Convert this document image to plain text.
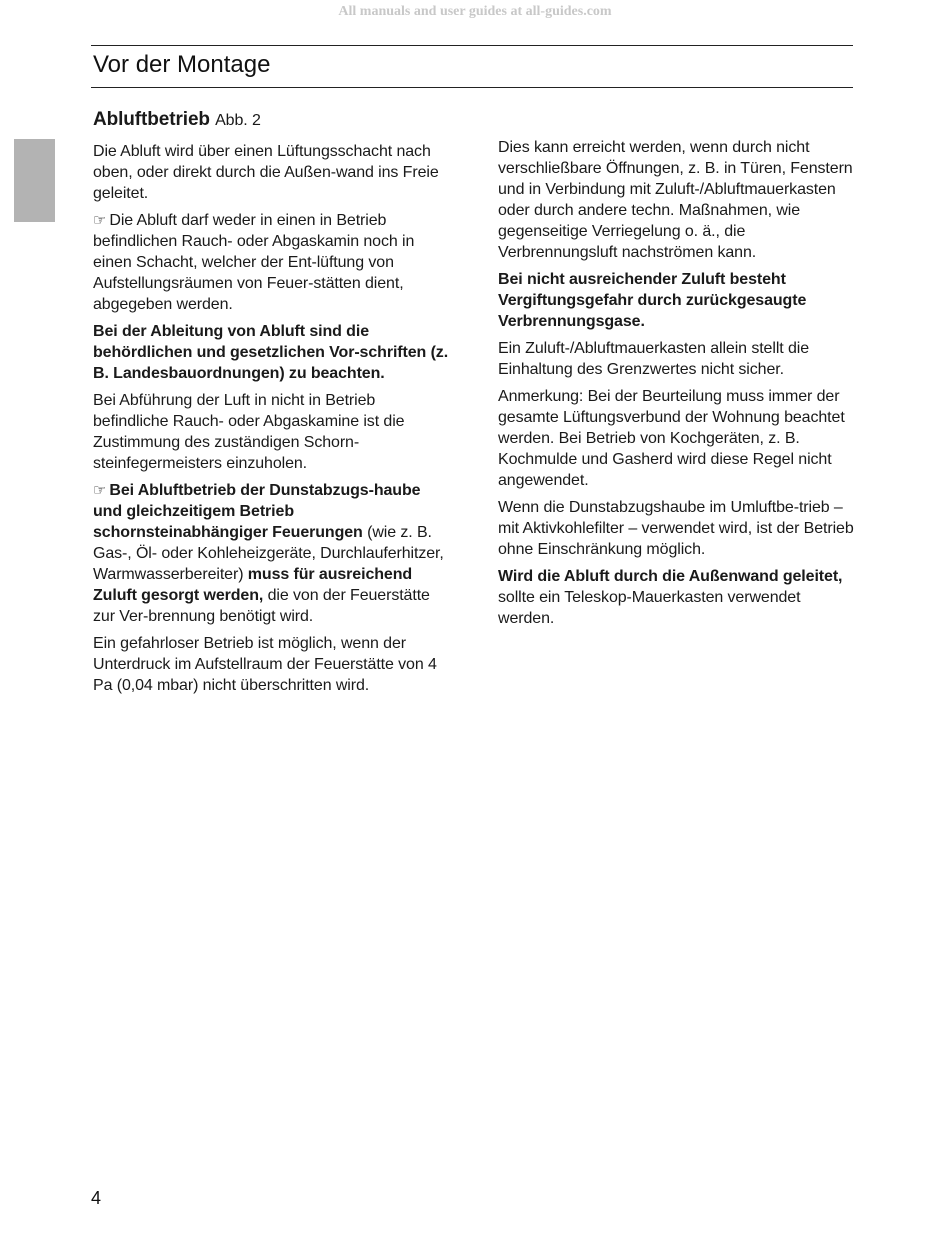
All manuals and user guides at all-guides.com
Vor der Montage
Abluftbetrieb Abb. 2

Die Abluft wird über einen Lüftungsschacht nach oben, oder direkt durch die Außen-wand ins Freie geleitet.

☞ Die Abluft darf weder in einen in Betrieb befindlichen Rauch- oder Abgaskamin noch in einen Schacht, welcher der Ent-lüftung von Aufstellungsräumen von Feuer-stätten dient, abgegeben werden.

Bei der Ableitung von Abluft sind die behördlichen und gesetzlichen Vor-schriften (z. B. Landesbauordnungen) zu beachten.

Bei Abführung der Luft in nicht in Betrieb befindliche Rauch- oder Abgaskamine ist die Zustimmung des zuständigen Schorn-steinfegermeisters einzuholen.

☞ Bei Abluftbetrieb der Dunstabzugs-haube und gleichzeitigem Betrieb schornsteinabhängiger Feuerungen (wie z. B. Gas-, Öl- oder Kohleheizgeräte, Durchlauferhitzer, Warmwasserbereiter) muss für ausreichend Zuluft gesorgt werden, die von der Feuerstätte zur Ver-brennung benötigt wird.

Ein gefahrloser Betrieb ist möglich, wenn der Unterdruck im Aufstellraum der Feuerstätte von 4 Pa (0,04 mbar) nicht überschritten wird.

Dies kann erreicht werden, wenn durch nicht verschließbare Öffnungen, z. B. in Türen, Fenstern und in Verbindung mit Zuluft-/Abluftmauerkasten oder durch andere techn. Maßnahmen, wie gegenseitige Verriegelung o. ä., die Verbrennungsluft nachströmen kann.

Bei nicht ausreichender Zuluft besteht Vergiftungsgefahr durch zurückgesaugte Verbrennungsgase.

Ein Zuluft-/Abluftmauerkasten allein stellt die Einhaltung des Grenzwertes nicht sicher.

Anmerkung: Bei der Beurteilung muss immer der gesamte Lüftungsverbund der Wohnung beachtet werden. Bei Betrieb von Kochgeräten, z. B. Kochmulde und Gasherd wird diese Regel nicht angewendet.

Wenn die Dunstabzugshaube im Umluftbe-trieb – mit Aktivkohlefilter – verwendet wird, ist der Betrieb ohne Einschränkung möglich.

Wird die Abluft durch die Außenwand geleitet, sollte ein Teleskop-Mauerkasten verwendet werden.

4
